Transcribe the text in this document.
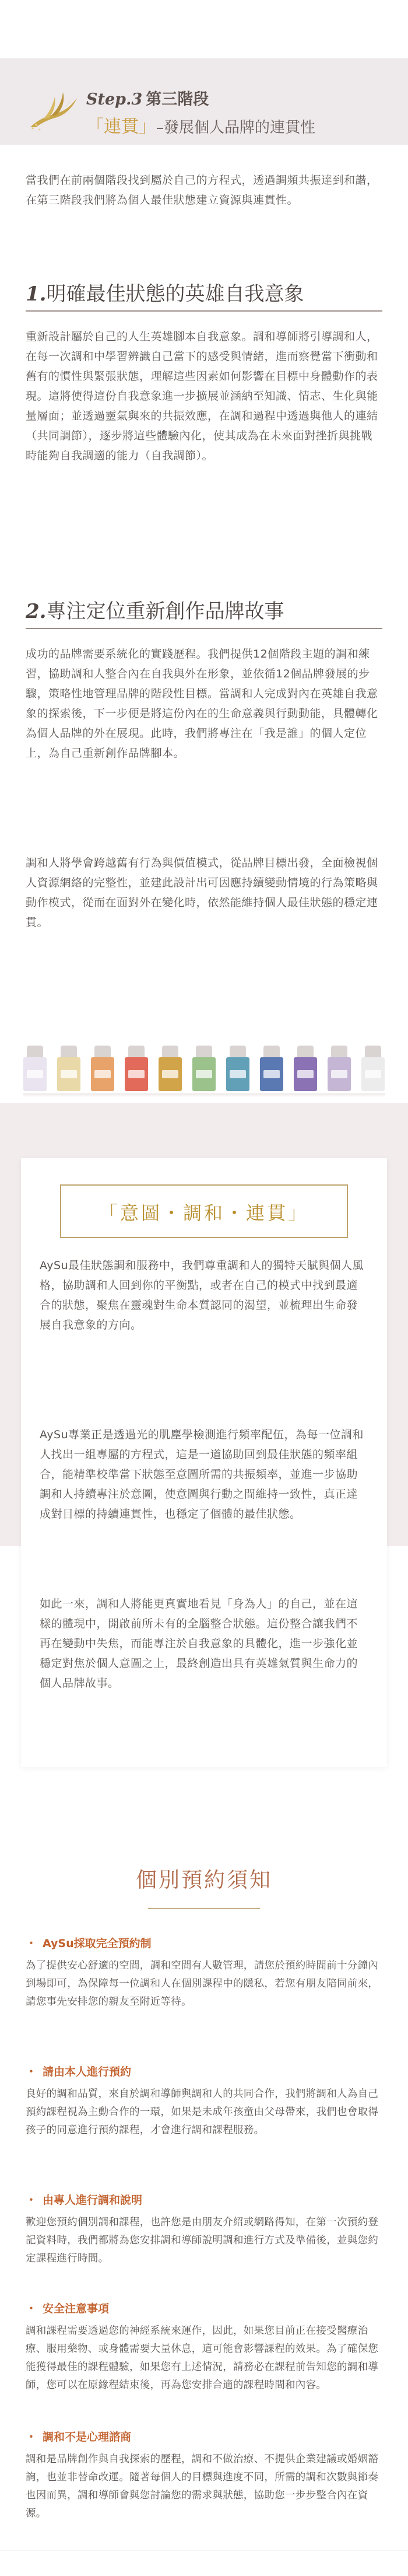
Step.3 第三階段
「連貫」–發展個人品牌的連貫性

當我們在前兩個階段找到屬於自己的方程式，透過調頻共振達到和諧，在第三階段我們將為個人最佳狀態建立資源與連貫性。

1.明確最佳狀態的英雄自我意象

重新設計屬於自己的人生英雄腳本自我意象。調和導師將引導調和人，在每一次調和中學習辨識自己當下的感受與情緒，進而察覺當下衝動和舊有的慣性與緊張狀態，理解這些因素如何影響在目標中身體動作的表現。這將使得這份自我意象進一步擴展並涵納至知識、情志、生化與能量層面；並透過靈氣與來的共振效應，在調和過程中透過與他人的連結（共同調節），逐步將這些體驗內化，使其成為在未來面對挫折與挑戰時能夠自我調適的能力（自我調節）。

2.專注定位重新創作品牌故事

成功的品牌需要系統化的實踐歷程。我們提供12個階段主題的調和練習，協助調和人整合內在自我與外在形象，並依循12個品牌發展的步驟，策略性地管理品牌的階段性目標。當調和人完成對內在英雄自我意象的探索後，下一步便是將這份內在的生命意義與行動動能，具體轉化為個人品牌的外在展現。此時，我們將專注在「我是誰」的個人定位上，為自己重新創作品牌腳本。

調和人將學會跨越舊有行為與價值模式，從品牌目標出發，全面檢視個人資源網絡的完整性，並建此設計出可因應持續變動情境的行為策略與動作模式，從而在面對外在變化時，依然能維持個人最佳狀態的穩定連貫。

「意圖・調和・連貫」

AySu最佳狀態調和服務中，我們尊重調和人的獨特天賦與個人風格，協助調和人回到你的平衡點，或者在自己的模式中找到最適合的狀態，聚焦在靈魂對生命本質認同的渴望，並梳理出生命發展自我意象的方向。

AySu專業正是透過光的肌塵學檢測進行頻率配伍，為每一位調和人找出一組專屬的方程式，這是一道協助回到最佳狀態的頻率組合，能精準校準當下狀態至意圖所需的共振頻率，並進一步協助調和人持續專注於意圖，使意圖與行動之間維持一致性，真正達成對目標的持續連貫性，也穩定了個體的最佳狀態。

如此一來，調和人將能更真實地看見「身為人」的自己，並在這樣的體現中，開啟前所未有的全腦整合狀態。這份整合讓我們不再在變動中失焦，而能專注於自我意象的具體化，進一步強化並穩定對焦於個人意圖之上，最終創造出具有英雄氣質與生命力的個人品牌故事。

個別預約須知
・ AySu採取完全預約制

為了提供安心舒適的空間，調和空間有人數管理，請您於預約時間前十分鐘內到場即可，為保障每一位調和人在個別課程中的隱私，若您有朋友陪同前來，請您事先安排您的親友至附近等待。

・ 請由本人進行預約

良好的調和品質，來自於調和導師與調和人的共同合作，我們將調和人為自己預約課程視為主動合作的一環，如果是未成年孩童由父母帶來，我們也會取得孩子的同意進行預約課程，才會進行調和課程服務。

・ 由專人進行調和說明

歡迎您預約個別調和課程，也許您是由朋友介紹或網路得知，在第一次預約登記資料時，我們都將為您安排調和導師說明調和進行方式及準備後，並與您約定課程進行時間。

・ 安全注意事項

調和課程需要透過您的神經系統來運作，因此，如果您目前正在接受醫療治療、服用藥物、或身體需要大量休息，這可能會影響課程的效果。為了確保您能獲得最佳的課程體驗，如果您有上述情況，請務必在課程前告知您的調和導師，您可以在原緣程結束後，再為您安排合適的課程時間和內容。

・ 調和不是心理諮商

調和是品牌創作與自我探索的歷程，調和不做治療、不提供企業建議或婚姻諮詢，也並非替命改運。隨著每個人的目標與進度不同，所需的調和次數與節奏也因而異，調和導師會與您討論您的需求與狀態，協助您一步步整合內在資源。
